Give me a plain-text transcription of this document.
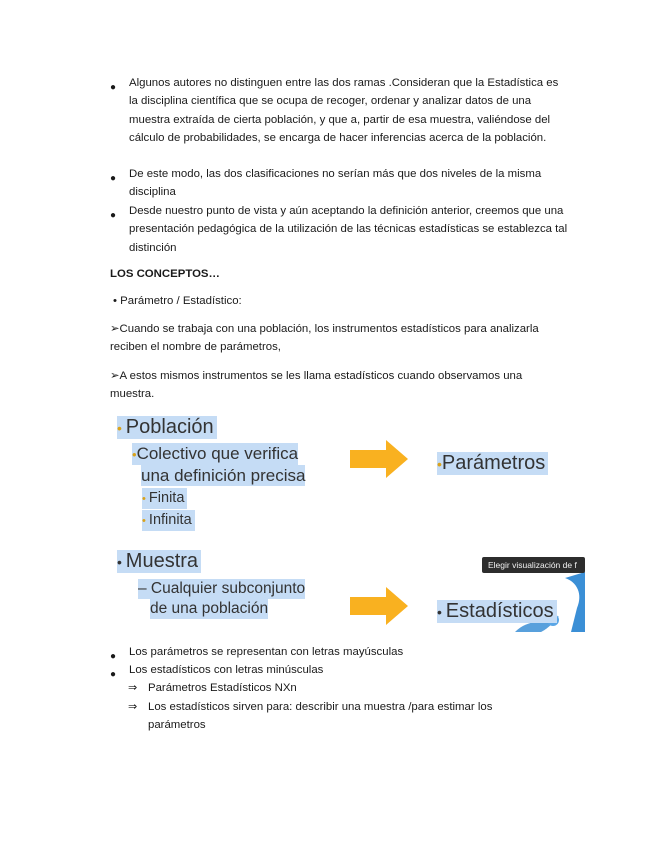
● Algunos autores no distinguen entre las dos ramas .Consideran que la Estadística es la disciplina científica que se ocupa de recoger, ordenar y analizar datos de una muestra extraída de cierta población, y que a, partir de esa muestra, valiéndose del cálculo de probabilidades, se encarga de hacer inferencias acerca de la población.
● De este modo, las dos clasificaciones no serían más que dos niveles de la misma disciplina
● Desde nuestro punto de vista y aún aceptando la definición anterior, creemos que una presentación pedagógica de la utilización de las técnicas estadísticas se establezca tal distinción
LOS CONCEPTOS…
• Parámetro / Estadístico:
➢Cuando se trabaja con una población, los instrumentos estadísticos para analizarla reciben el nombre de parámetros,
➢A estos mismos instrumentos se les llama estadísticos cuando observamos una muestra.
• Población
•Colectivo que verifica
una definición precisa
• Finita
• Infinita
•Parámetros
• Muestra
– Cualquier subconjunto
de una población	• Estadísticos
Elegir visualización de f
● Los parámetros se representan con letras mayúsculas
● Los estadísticos con letras minúsculas
⇒ Parámetros Estadísticos NXn
⇒ Los estadísticos sirven para: describir una muestra /para estimar los parámetros
